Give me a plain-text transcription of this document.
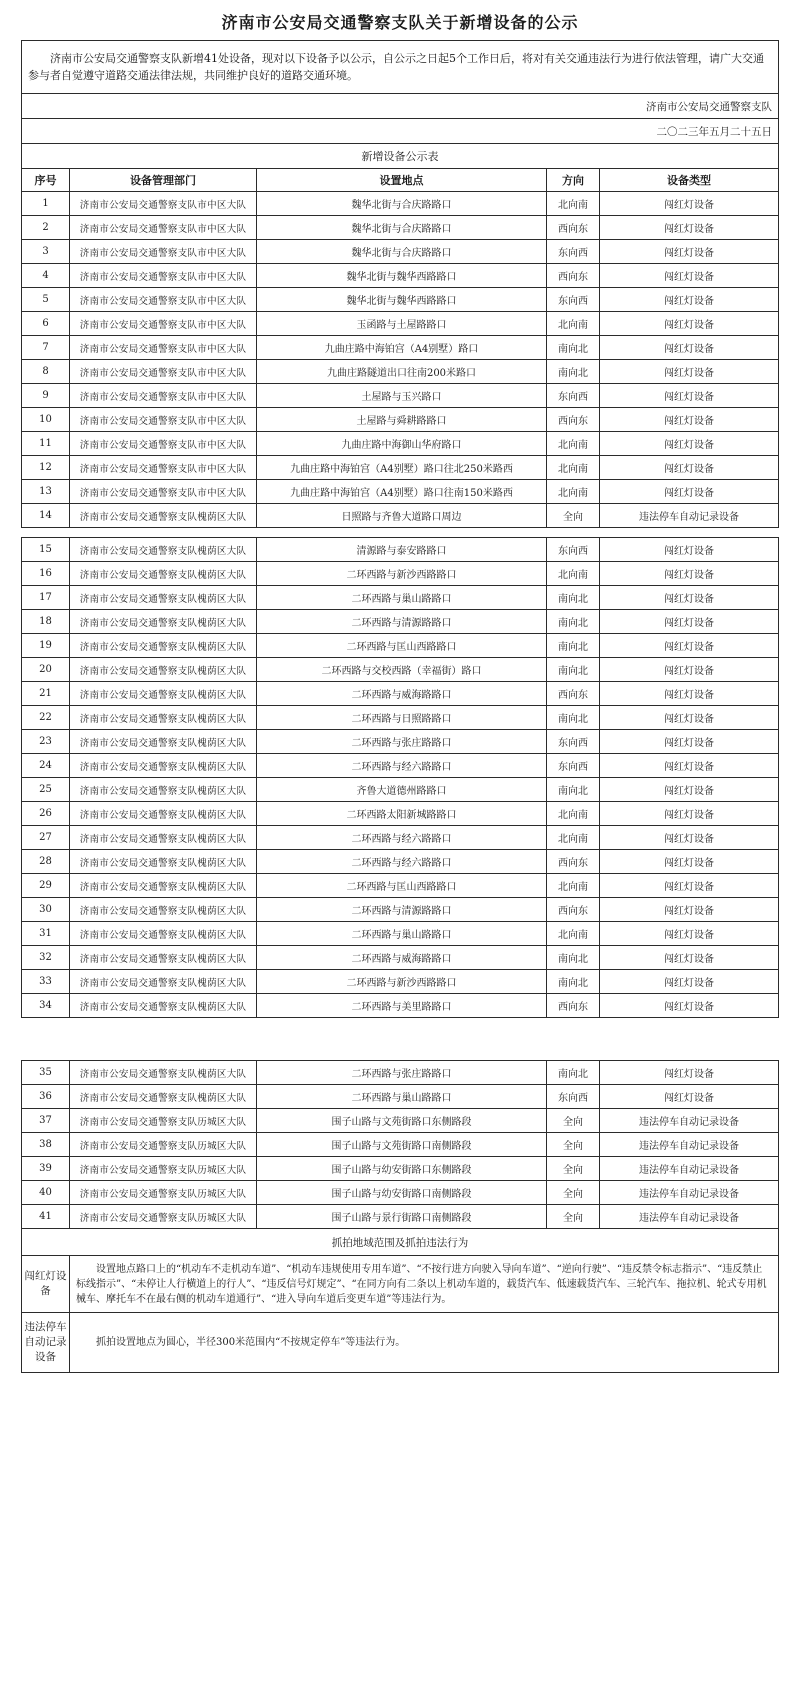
济南市公安局交通警察支队关于新增设备的公示
济南市公安局交通警察支队新增41处设备，现对以下设备予以公示，自公示之日起5个工作日后，将对有关交通违法行为进行依法管理，请广大交通参与者自觉遵守道路交通法律法规，共同维护良好的道路交通环境。				
济南市公安局交通警察支队				
二〇二三年五月二十五日				
新增设备公示表				
序号	设备管理部门	设置地点	方向	设备类型
1	济南市公安局交通警察支队市中区大队	魏华北街与合庆路路口	北向南	闯红灯设备
2	济南市公安局交通警察支队市中区大队	魏华北街与合庆路路口	西向东	闯红灯设备
3	济南市公安局交通警察支队市中区大队	魏华北街与合庆路路口	东向西	闯红灯设备
4	济南市公安局交通警察支队市中区大队	魏华北街与魏华西路路口	西向东	闯红灯设备
5	济南市公安局交通警察支队市中区大队	魏华北街与魏华西路路口	东向西	闯红灯设备
6	济南市公安局交通警察支队市中区大队	玉函路与土屋路路口	北向南	闯红灯设备
7	济南市公安局交通警察支队市中区大队	九曲庄路中海铂宫（A4别墅）路口	南向北	闯红灯设备
8	济南市公安局交通警察支队市中区大队	九曲庄路隧道出口往南200米路口	南向北	闯红灯设备
9	济南市公安局交通警察支队市中区大队	土屋路与玉兴路口	东向西	闯红灯设备
10	济南市公安局交通警察支队市中区大队	土屋路与舜耕路路口	西向东	闯红灯设备
11	济南市公安局交通警察支队市中区大队	九曲庄路中海御山华府路口	北向南	闯红灯设备
12	济南市公安局交通警察支队市中区大队	九曲庄路中海铂宫（A4别墅）路口往北250米路西	北向南	闯红灯设备
13	济南市公安局交通警察支队市中区大队	九曲庄路中海铂宫（A4别墅）路口往南150米路西	北向南	闯红灯设备
14	济南市公安局交通警察支队槐荫区大队	日照路与齐鲁大道路口周边	全向	违法停车自动记录设备
15	济南市公安局交通警察支队槐荫区大队	清源路与泰安路路口	东向西	闯红灯设备
16	济南市公安局交通警察支队槐荫区大队	二环西路与新沙西路路口	北向南	闯红灯设备
17	济南市公安局交通警察支队槐荫区大队	二环西路与巢山路路口	南向北	闯红灯设备
18	济南市公安局交通警察支队槐荫区大队	二环西路与清源路路口	南向北	闯红灯设备
19	济南市公安局交通警察支队槐荫区大队	二环西路与匡山西路路口	南向北	闯红灯设备
20	济南市公安局交通警察支队槐荫区大队	二环西路与交校西路（幸福街）路口	南向北	闯红灯设备
21	济南市公安局交通警察支队槐荫区大队	二环西路与威海路路口	西向东	闯红灯设备
22	济南市公安局交通警察支队槐荫区大队	二环西路与日照路路口	南向北	闯红灯设备
23	济南市公安局交通警察支队槐荫区大队	二环西路与张庄路路口	东向西	闯红灯设备
24	济南市公安局交通警察支队槐荫区大队	二环西路与经六路路口	东向西	闯红灯设备
25	济南市公安局交通警察支队槐荫区大队	齐鲁大道德州路路口	南向北	闯红灯设备
26	济南市公安局交通警察支队槐荫区大队	二环西路太阳新城路路口	北向南	闯红灯设备
27	济南市公安局交通警察支队槐荫区大队	二环西路与经六路路口	北向南	闯红灯设备
28	济南市公安局交通警察支队槐荫区大队	二环西路与经六路路口	西向东	闯红灯设备
29	济南市公安局交通警察支队槐荫区大队	二环西路与匡山西路路口	北向南	闯红灯设备
30	济南市公安局交通警察支队槐荫区大队	二环西路与清源路路口	西向东	闯红灯设备
31	济南市公安局交通警察支队槐荫区大队	二环西路与巢山路路口	北向南	闯红灯设备
32	济南市公安局交通警察支队槐荫区大队	二环西路与威海路路口	南向北	闯红灯设备
33	济南市公安局交通警察支队槐荫区大队	二环西路与新沙西路路口	南向北	闯红灯设备
34	济南市公安局交通警察支队槐荫区大队	二环西路与美里路路口	西向东	闯红灯设备
35	济南市公安局交通警察支队槐荫区大队	二环西路与张庄路路口	南向北	闯红灯设备
36	济南市公安局交通警察支队槐荫区大队	二环西路与巢山路路口	东向西	闯红灯设备
37	济南市公安局交通警察支队历城区大队	围子山路与文苑街路口东侧路段	全向	违法停车自动记录设备
38	济南市公安局交通警察支队历城区大队	围子山路与文苑街路口南侧路段	全向	违法停车自动记录设备
39	济南市公安局交通警察支队历城区大队	围子山路与幼安街路口东侧路段	全向	违法停车自动记录设备
40	济南市公安局交通警察支队历城区大队	围子山路与幼安街路口南侧路段	全向	违法停车自动记录设备
41	济南市公安局交通警察支队历城区大队	围子山路与景行街路口南侧路段	全向	违法停车自动记录设备
抓拍地域范围及抓拍违法行为				
闯红灯设备	设置地点路口上的“机动车不走机动车道”、“机动车违规使用专用车道”、“不按行进方向驶入导向车道”、“逆向行驶”、“违反禁令标志指示”、“违反禁止标线指示”、“未停让人行横道上的行人”、“违反信号灯规定”、“在同方向有二条以上机动车道的，载货汽车、低速载货汽车、三轮汽车、拖拉机、轮式专用机械车、摩托车不在最右侧的机动车道通行”、“进入导向车道后变更车道”等违法行为。			
违法停车自动记录设备	抓拍设置地点为圆心，半径300米范围内“不按规定停车”等违法行为。			
